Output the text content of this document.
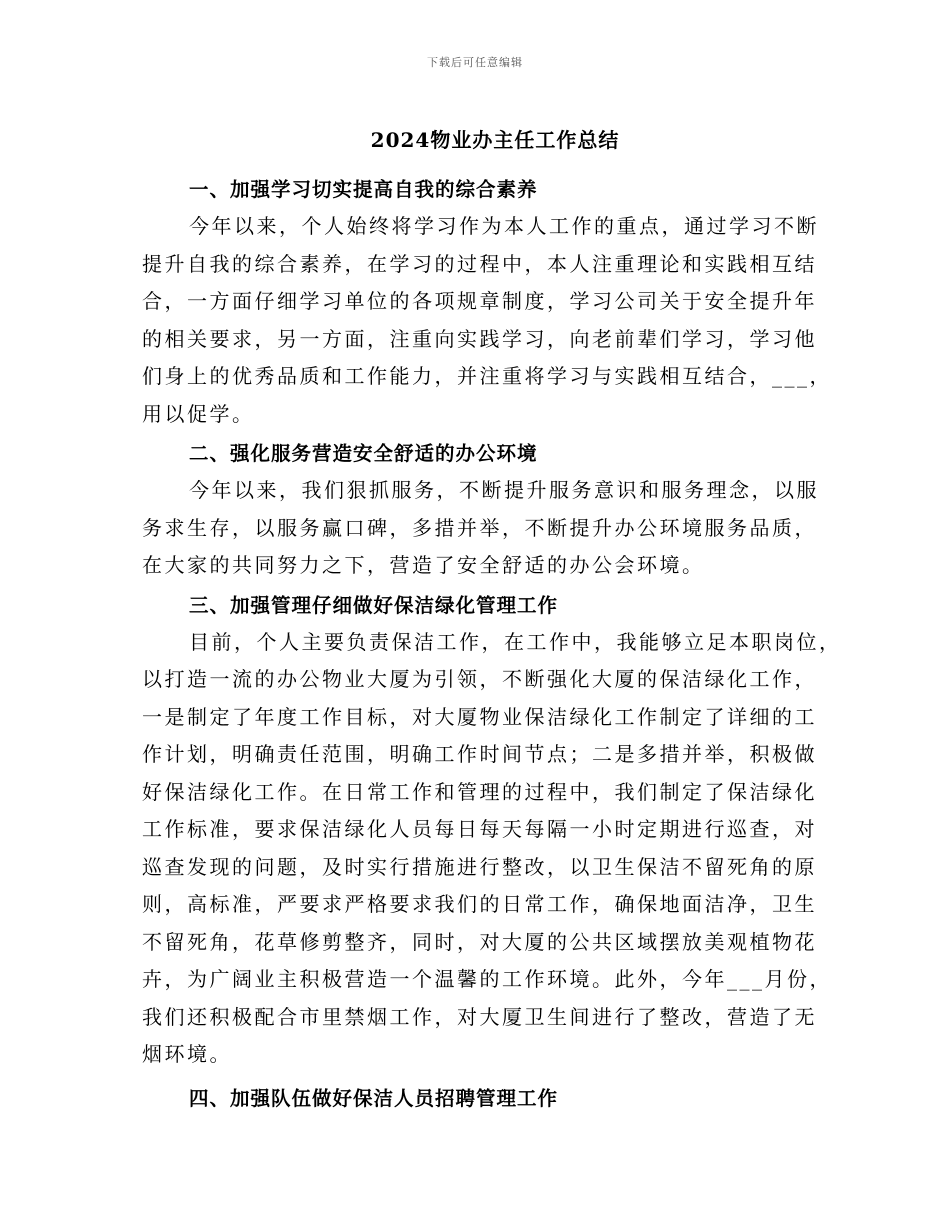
下载后可任意编辑
2024物业办主任工作总结
一、加强学习切实提高自我的综合素养
今年以来，个人始终将学习作为本人工作的重点，通过学习不断
提升自我的综合素养，在学习的过程中，本人注重理论和实践相互结
合，一方面仔细学习单位的各项规章制度，学习公司关于安全提升年
的相关要求，另一方面，注重向实践学习，向老前辈们学习，学习他
们身上的优秀品质和工作能力，并注重将学习与实践相互结合，___，
用以促学。
二、强化服务营造安全舒适的办公环境
今年以来，我们狠抓服务，不断提升服务意识和服务理念，以服
务求生存，以服务赢口碑，多措并举，不断提升办公环境服务品质，
在大家的共同努力之下，营造了安全舒适的办公会环境。
三、加强管理仔细做好保洁绿化管理工作
目前，个人主要负责保洁工作，在工作中，我能够立足本职岗位，
以打造一流的办公物业大厦为引领，不断强化大厦的保洁绿化工作，
一是制定了年度工作目标，对大厦物业保洁绿化工作制定了详细的工
作计划，明确责任范围，明确工作时间节点；二是多措并举，积极做
好保洁绿化工作。在日常工作和管理的过程中，我们制定了保洁绿化
工作标准，要求保洁绿化人员每日每天每隔一小时定期进行巡查，对
巡查发现的问题，及时实行措施进行整改，以卫生保洁不留死角的原
则，高标准，严要求严格要求我们的日常工作，确保地面洁净，卫生
不留死角，花草修剪整齐，同时，对大厦的公共区域摆放美观植物花
卉，为广阔业主积极营造一个温馨的工作环境。此外，今年___月份，
我们还积极配合市里禁烟工作，对大厦卫生间进行了整改，营造了无
烟环境。
四、加强队伍做好保洁人员招聘管理工作
